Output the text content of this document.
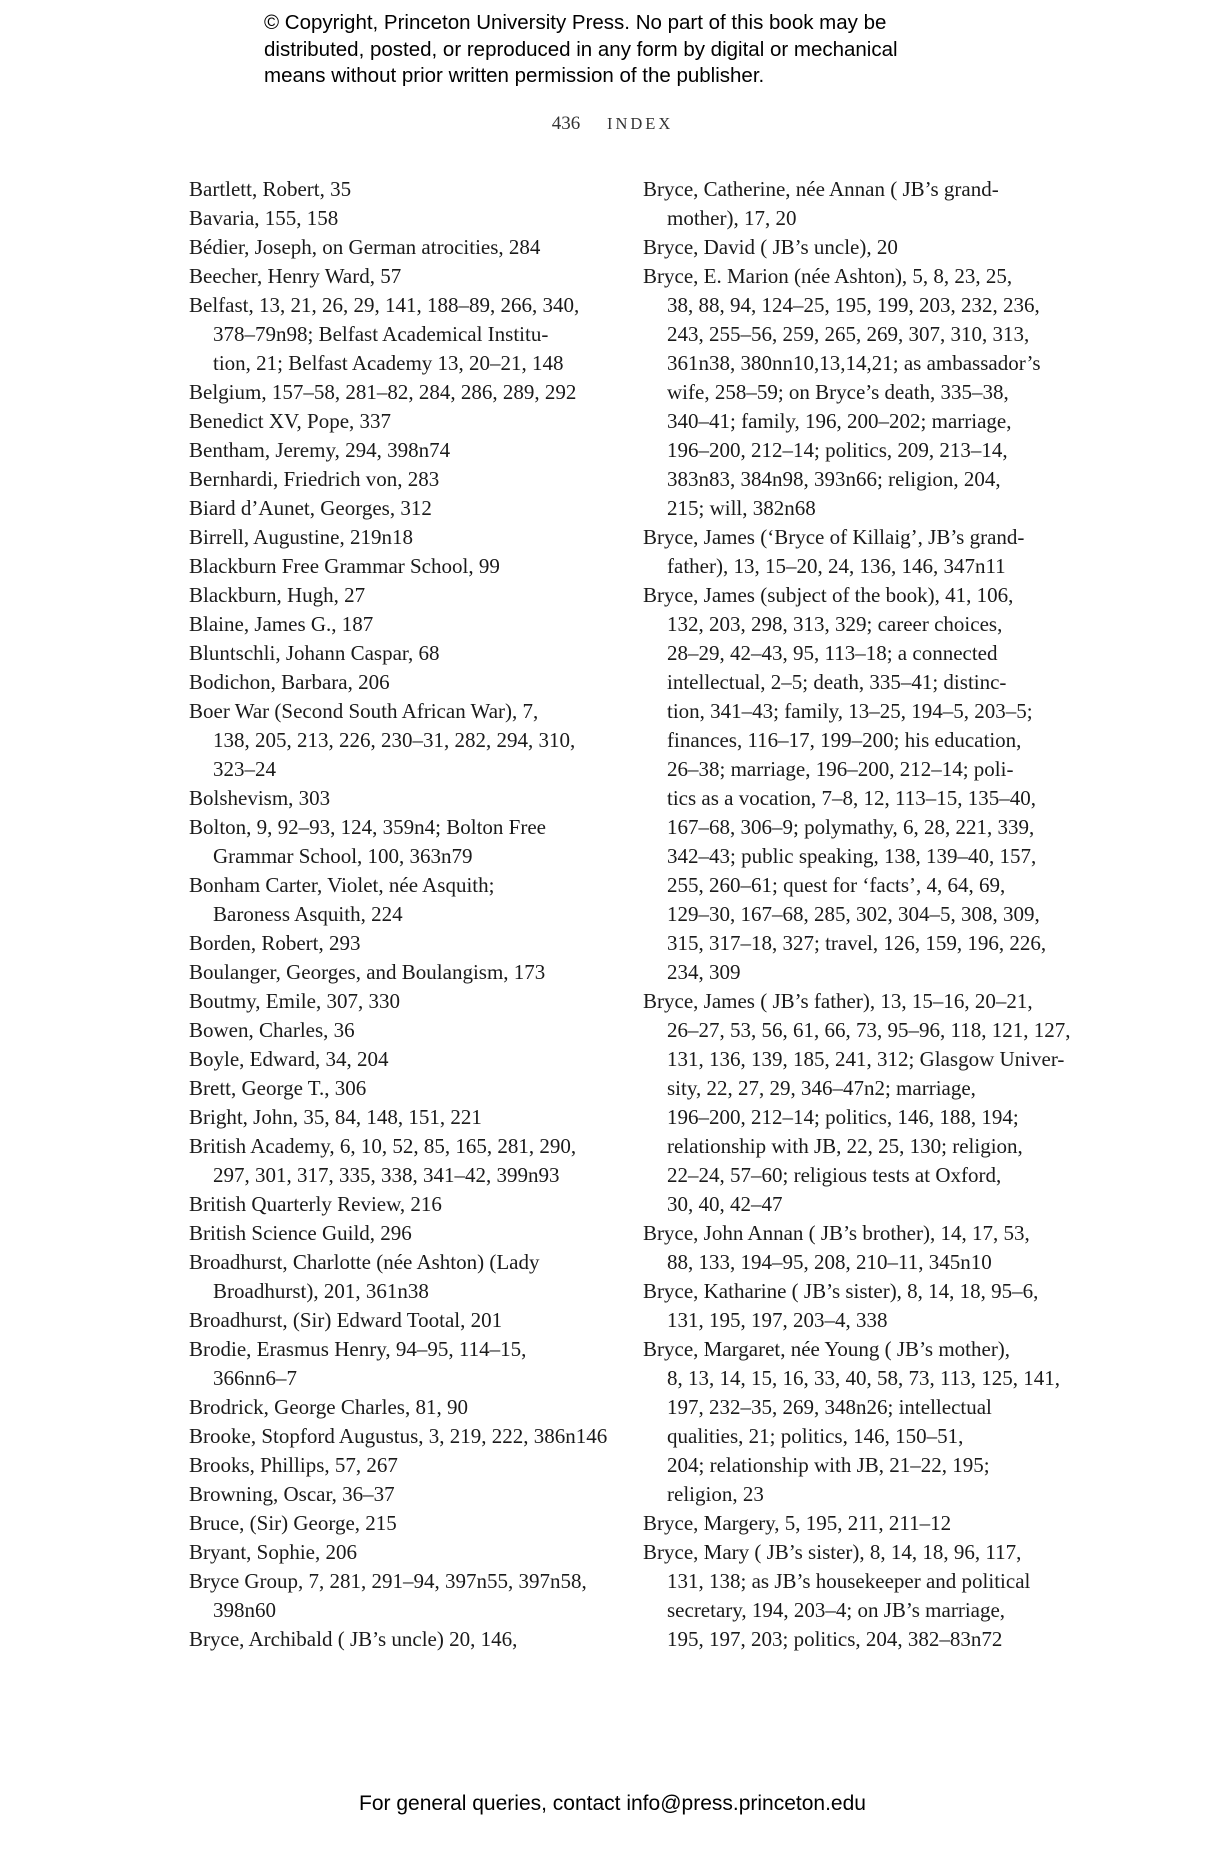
© Copyright, Princeton University Press. No part of this book may be
distributed, posted, or reproduced in any form by digital or mechanical
means without prior written permission of the publisher.
436 INDEX

Bartlett, Robert, 35

Bavaria, 155, 158

Bédier, Joseph, on German atrocities, 284

Beecher, Henry Ward, 57

Belfast, 13, 21, 26, 29, 141, 188–89, 266, 340,
378–79n98; Belfast Academical Institu-
tion, 21; Belfast Academy 13, 20–21, 148

Belgium, 157–58, 281–82, 284, 286, 289, 292

Benedict XV, Pope, 337

Bentham, Jeremy, 294, 398n74

Bernhardi, Friedrich von, 283

Biard d’Aunet, Georges, 312

Birrell, Augustine, 219n18

Blackburn Free Grammar School, 99

Blackburn, Hugh, 27

Blaine, James G., 187

Bluntschli, Johann Caspar, 68

Bodichon, Barbara, 206

Boer War (Second South African War), 7,
138, 205, 213, 226, 230–31, 282, 294, 310,
323–24

Bolshevism, 303

Bolton, 9, 92–93, 124, 359n4; Bolton Free
Grammar School, 100, 363n79

Bonham Carter, Violet, née Asquith;
Baroness Asquith, 224

Borden, Robert, 293

Boulanger, Georges, and Boulangism, 173

Boutmy, Emile, 307, 330

Bowen, Charles, 36

Boyle, Edward, 34, 204

Brett, George T., 306

Bright, John, 35, 84, 148, 151, 221

British Academy, 6, 10, 52, 85, 165, 281, 290,
297, 301, 317, 335, 338, 341–42, 399n93

British Quarterly Review, 216

British Science Guild, 296

Broadhurst, Charlotte (née Ashton) (Lady
Broadhurst), 201, 361n38

Broadhurst, (Sir) Edward Tootal, 201

Brodie, Erasmus Henry, 94–95, 114–15,
366nn6–7

Brodrick, George Charles, 81, 90

Brooke, Stopford Augustus, 3, 219, 222, 386n146

Brooks, Phillips, 57, 267

Browning, Oscar, 36–37

Bruce, (Sir) George, 215

Bryant, Sophie, 206

Bryce Group, 7, 281, 291–94, 397n55, 397n58,
398n60

Bryce, Archibald ( JB’s uncle) 20, 146,

Bryce, Catherine, née Annan ( JB’s grand-
mother), 17, 20

Bryce, David ( JB’s uncle), 20

Bryce, E. Marion (née Ashton), 5, 8, 23, 25,
38, 88, 94, 124–25, 195, 199, 203, 232, 236,
243, 255–56, 259, 265, 269, 307, 310, 313,
361n38, 380nn10,13,14,21; as ambassador’s
wife, 258–59; on Bryce’s death, 335–38,
340–41; family, 196, 200–202; marriage,
196–200, 212–14; politics, 209, 213–14,
383n83, 384n98, 393n66; religion, 204,
215; will, 382n68

Bryce, James (‘Bryce of Killaig’, JB’s grand-
father), 13, 15–20, 24, 136, 146, 347n11

Bryce, James (subject of the book), 41, 106,
132, 203, 298, 313, 329; career choices,
28–29, 42–43, 95, 113–18; a connected
intellectual, 2–5; death, 335–41; distinc-
tion, 341–43; family, 13–25, 194–5, 203–5;
finances, 116–17, 199–200; his education,
26–38; marriage, 196–200, 212–14; poli-
tics as a vocation, 7–8, 12, 113–15, 135–40,
167–68, 306–9; polymathy, 6, 28, 221, 339,
342–43; public speaking, 138, 139–40, 157,
255, 260–61; quest for ‘facts’, 4, 64, 69,
129–30, 167–68, 285, 302, 304–5, 308, 309,
315, 317–18, 327; travel, 126, 159, 196, 226,
234, 309

Bryce, James ( JB’s father), 13, 15–16, 20–21,
26–27, 53, 56, 61, 66, 73, 95–96, 118, 121, 127,
131, 136, 139, 185, 241, 312; Glasgow Univer-
sity, 22, 27, 29, 346–47n2; marriage,
196–200, 212–14; politics, 146, 188, 194;
relationship with JB, 22, 25, 130; religion,
22–24, 57–60; religious tests at Oxford,
30, 40, 42–47

Bryce, John Annan ( JB’s brother), 14, 17, 53,
88, 133, 194–95, 208, 210–11, 345n10

Bryce, Katharine ( JB’s sister), 8, 14, 18, 95–6,
131, 195, 197, 203–4, 338

Bryce, Margaret, née Young ( JB’s mother),
8, 13, 14, 15, 16, 33, 40, 58, 73, 113, 125, 141,
197, 232–35, 269, 348n26; intellectual
qualities, 21; politics, 146, 150–51,
204; relationship with JB, 21–22, 195;
religion, 23

Bryce, Margery, 5, 195, 211, 211–12

Bryce, Mary ( JB’s sister), 8, 14, 18, 96, 117,
131, 138; as JB’s housekeeper and political
secretary, 194, 203–4; on JB’s marriage,
195, 197, 203; politics, 204, 382–83n72

For general queries, contact info@press.princeton.edu
